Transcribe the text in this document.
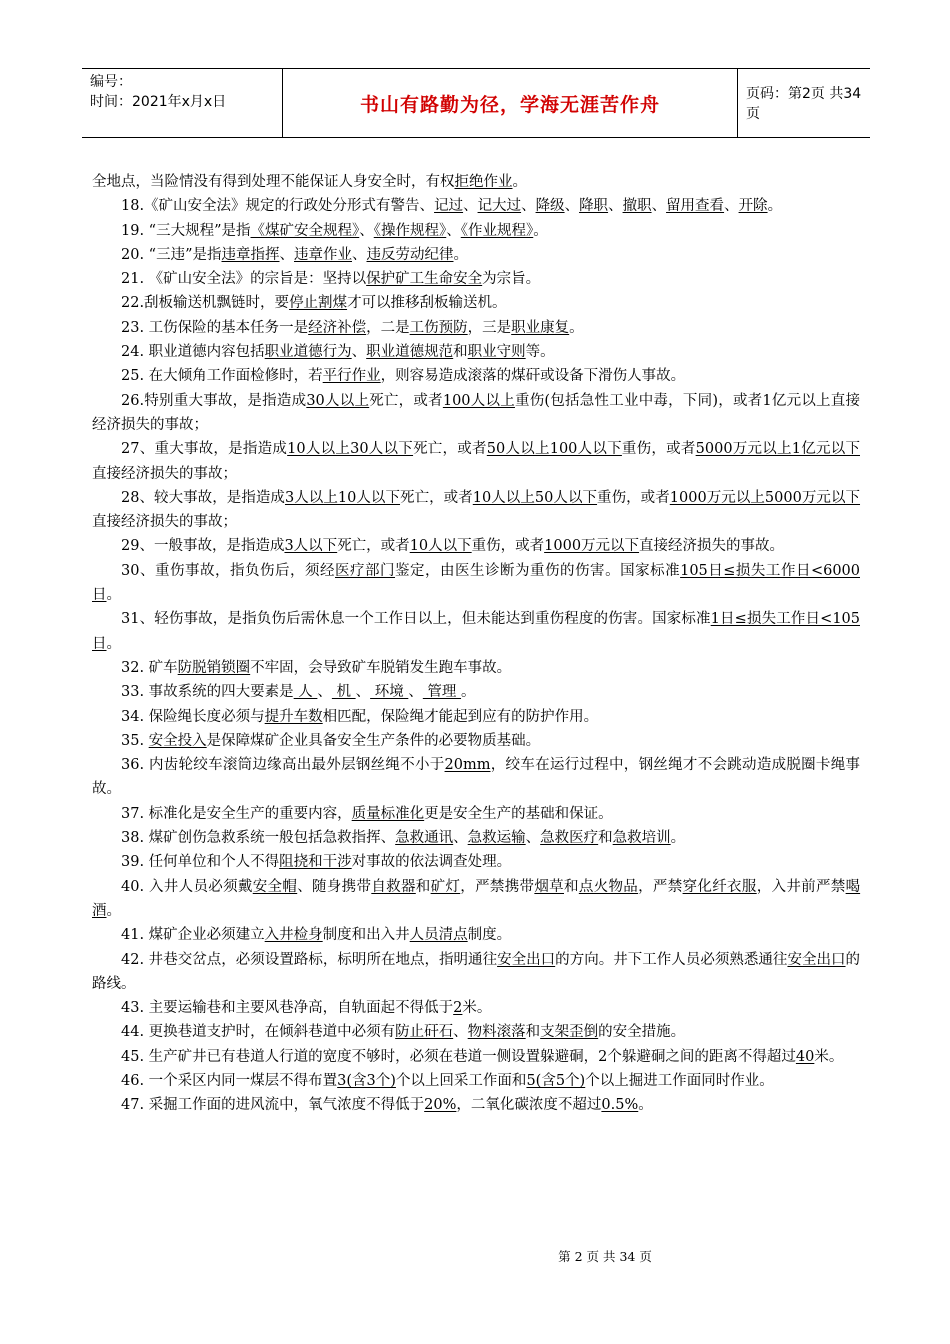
编号：
时间：2021年x月x日	书山有路勤为径，学海无涯苦作舟	页码：第2页 共34页
全地点，当险情没有得到处理不能保证人身安全时，有权拒绝作业。
18.《矿山安全法》规定的行政处分形式有警告、记过、记大过、降级、降职、撤职、留用查看、开除。
19. “三大规程”是指《煤矿安全规程》、《操作规程》、《作业规程》。
20. “三违”是指违章指挥、违章作业、违反劳动纪律。
21. 《矿山安全法》的宗旨是：坚持以保护矿工生命安全为宗旨。
22.刮板输送机飘链时，要停止割煤才可以推移刮板输送机。
23. 工伤保险的基本任务一是经济补偿，二是工伤预防，三是职业康复。
24. 职业道德内容包括职业道德行为、职业道德规范和职业守则等。
25. 在大倾角工作面检修时，若平行作业，则容易造成滚落的煤矸或设备下滑伤人事故。
26.特别重大事故，是指造成30人以上死亡，或者100人以上重伤(包括急性工业中毒，下同)，或者1亿元以上直接经济损失的事故；
27、重大事故，是指造成10人以上30人以下死亡，或者50人以上100人以下重伤，或者5000万元以上1亿元以下直接经济损失的事故；
28、较大事故，是指造成3人以上10人以下死亡，或者10人以上50人以下重伤，或者1000万元以上5000万元以下直接经济损失的事故；
29、一般事故，是指造成3人以下死亡，或者10人以下重伤，或者1000万元以下直接经济损失的事故。
30、重伤事故，指负伤后，须经医疗部门鉴定，由医生诊断为重伤的伤害。国家标准105日≤损失工作日<6000日。
31、轻伤事故，是指负伤后需休息一个工作日以上，但未能达到重伤程度的伤害。国家标准1日≤损失工作日<105日。
32. 矿车防脱销锁圈不牢固，会导致矿车脱销发生跑车事故。
33. 事故系统的四大要素是 人 、 机 、 环境 、 管理 。
34. 保险绳长度必须与提升车数相匹配，保险绳才能起到应有的防护作用。
35. 安全投入是保障煤矿企业具备安全生产条件的必要物质基础。
36. 内齿轮绞车滚筒边缘高出最外层钢丝绳不小于20mm，绞车在运行过程中，钢丝绳才不会跳动造成脱圈卡绳事故。
37. 标准化是安全生产的重要内容，质量标准化更是安全生产的基础和保证。
38. 煤矿创伤急救系统一般包括急救指挥、急救通讯、急救运输、急救医疗和急救培训。
39. 任何单位和个人不得阻挠和干涉对事故的依法调查处理。
40. 入井人员必须戴安全帽、随身携带自救器和矿灯，严禁携带烟草和点火物品，严禁穿化纤衣服，入井前严禁喝酒。
41. 煤矿企业必须建立入井检身制度和出入井人员清点制度。
42. 井巷交岔点，必须设置路标，标明所在地点，指明通往安全出口的方向。井下工作人员必须熟悉通往安全出口的路线。
43. 主要运输巷和主要风巷净高，自轨面起不得低于2米。
44. 更换巷道支护时，在倾斜巷道中必须有防止矸石、物料滚落和支架歪倒的安全措施。
45. 生产矿井已有巷道人行道的宽度不够时，必须在巷道一侧设置躲避硐，2个躲避硐之间的距离不得超过40米。
46. 一个采区内同一煤层不得布置3(含3个)个以上回采工作面和5(含5个)个以上掘进工作面同时作业。
47. 采掘工作面的进风流中，氧气浓度不得低于20%，二氧化碳浓度不超过0.5%。
第 2 页 共 34 页
